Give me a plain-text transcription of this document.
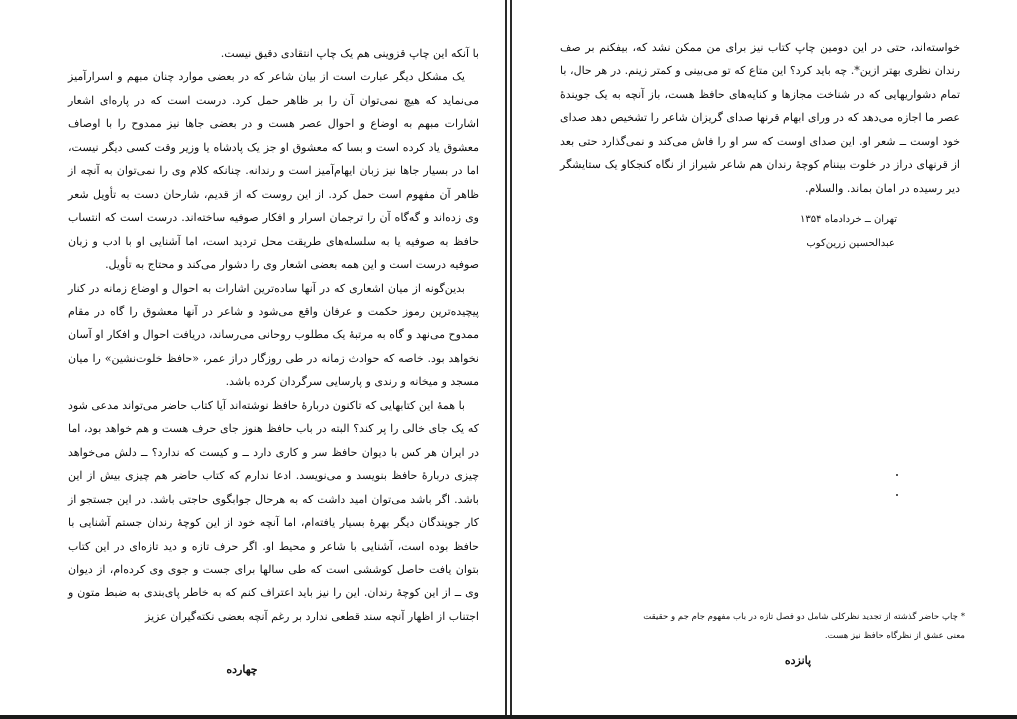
با آنکه این چاپ قزوینی هم یک چاپ انتقادی دقیق نیست.

یک مشکل دیگر عبارت است از بیان شاعر که در بعضی موارد چنان مبهم و اسرارآمیز می‌نماید که هیچ نمی‌توان آن را بر ظاهر حمل کرد. درست است که در پاره‌ای اشعار اشارات مبهم به اوضاع و احوال عصر هست و در بعضی جاها نیز ممدوح را با اوصاف معشوق یاد کرده است و بسا که معشوق او جز یک پادشاه یا وزیر وقت کسی دیگر نیست، اما در بسیار جاها نیز زبان ایهام‌آمیز است و رندانه. چنانکه کلام وی را نمی‌توان به آنچه از ظاهر آن مفهوم است حمل کرد. از این روست که از قدیم، شارحان دست به تأویل شعر وی زده‌اند و گه‌گاه آن را ترجمان اسرار و افکار صوفیه ساخته‌اند. درست است که انتساب حافظ به صوفیه یا به سلسله‌های طریقت محل تردید است، اما آشنایی او با ادب و زبان صوفیه درست است و این همه بعضی اشعار وی را دشوار می‌کند و محتاج به تأویل.

بدین‌گونه از میان اشعاری که در آنها ساده‌ترین اشارات به احوال و اوضاع زمانه در کنار پیچیده‌ترین رموز حکمت و عرفان واقع می‌شود و شاعر در آنها معشوق را گاه در مقام ممدوح می‌نهد و گاه به مرتبهٔ یک مطلوب روحانی می‌رساند، دریافت احوال و افکار او آسان نخواهد بود. خاصه که حوادث زمانه در طی روزگار دراز عمر، «حافظ خلوت‌نشین» را میان مسجد و میخانه و رندی و پارسایی سرگردان کرده باشد.

با همهٔ این کتابهایی که تاکنون دربارهٔ حافظ نوشته‌اند آیا کتاب حاضر می‌تواند مدعی شود که یک جای خالی را پر کند؟ البته در باب حافظ هنوز جای حرف هست و هم خواهد بود، اما در ایران هر کس با دیوان حافظ سر و کاری دارد ــ و کیست که ندارد؟ ــ دلش می‌خواهد چیزی دربارهٔ حافظ بنویسد و می‌نویسد. ادعا ندارم که کتاب حاضر هم چیزی بیش از این باشد. اگر باشد می‌توان امید داشت که به هرحال جوابگوی حاجتی باشد. در این جستجو از کار جویندگان دیگر بهرهٔ بسیار یافته‌ام، اما آنچه خود از این کوچهٔ رندان جستم آشنایی با حافظ بوده است، آشنایی با شاعر و محیط او. اگر حرف تازه و دید تازه‌ای در این کتاب بتوان یافت حاصل کوششی است که طی سالها برای جست و جوی وی کرده‌ام، از دیوان وی ــ از این کوچهٔ رندان. این را نیز باید اعتراف کنم که به خاطر پای‌بندی به ضبط متون و اجتناب از اظهار آنچه سند قطعی ندارد بر رغم آنچه بعضی نکته‌گیران عزیز

چهارده

خواسته‌اند، حتی در این دومین چاپ کتاب نیز برای من ممکن نشد که، بیفکنم بر صف رندان نظری بهتر ازین*. چه باید کرد؟ این متاع که تو می‌بینی و کمتر زینم. در هر حال، با تمام دشواریهایی که در شناخت مجازها و کنایه‌های حافظ هست، باز آنچه به یک جویندهٔ عصر ما اجازه می‌دهد که در ورای ابهام قرنها صدای گریزان شاعر را تشخیص دهد صدای خود اوست ــ شعر او. این صدای اوست که سر او را فاش می‌کند و نمی‌گذارد حتی بعد از قرنهای دراز در خلوت بیننام کوچهٔ رندان هم شاعر شیراز از نگاه کنجکاو یک ستایشگر دیر رسیده در امان بماند. والسلام.

تهران ــ خردادماه ۱۳۵۴
عبدالحسین زرین‌کوب

* چاپ حاضر گذشته از تجدید نظرکلی شامل دو فصل تازه در باب مفهوم جام جم و حقیقت

معنی عشق از نظرگاه حافظ نیز هست.

پانزده
